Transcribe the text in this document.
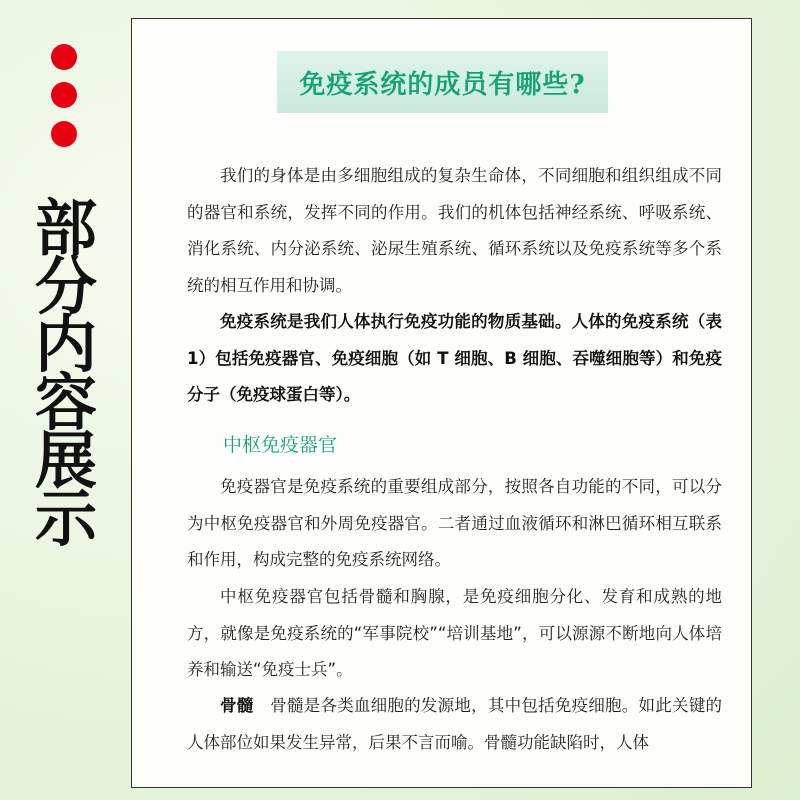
部
分
内
容
展
示
免疫系统的成员有哪些?

我们的身体是由多细胞组成的复杂生命体，不同细胞和组织组成不同的器官和系统，发挥不同的作用。我们的机体包括神经系统、呼吸系统、消化系统、内分泌系统、泌尿生殖系统、循环系统以及免疫系统等多个系统的相互作用和协调。

免疫系统是我们人体执行免疫功能的物质基础。人体的免疫系统（表 1）包括免疫器官、免疫细胞（如 T 细胞、B 细胞、吞噬细胞等）和免疫分子（免疫球蛋白等）。

中枢免疫器官

免疫器官是免疫系统的重要组成部分，按照各自功能的不同，可以分为中枢免疫器官和外周免疫器官。二者通过血液循环和淋巴循环相互联系和作用，构成完整的免疫系统网络。

中枢免疫器官包括骨髓和胸腺，是免疫细胞分化、发育和成熟的地方，就像是免疫系统的“军事院校”“培训基地”，可以源源不断地向人体培养和输送“免疫士兵”。

骨髓　 骨髓是各类血细胞的发源地，其中包括免疫细胞。如此关键的人体部位如果发生异常，后果不言而喻。骨髓功能缺陷时，人体
